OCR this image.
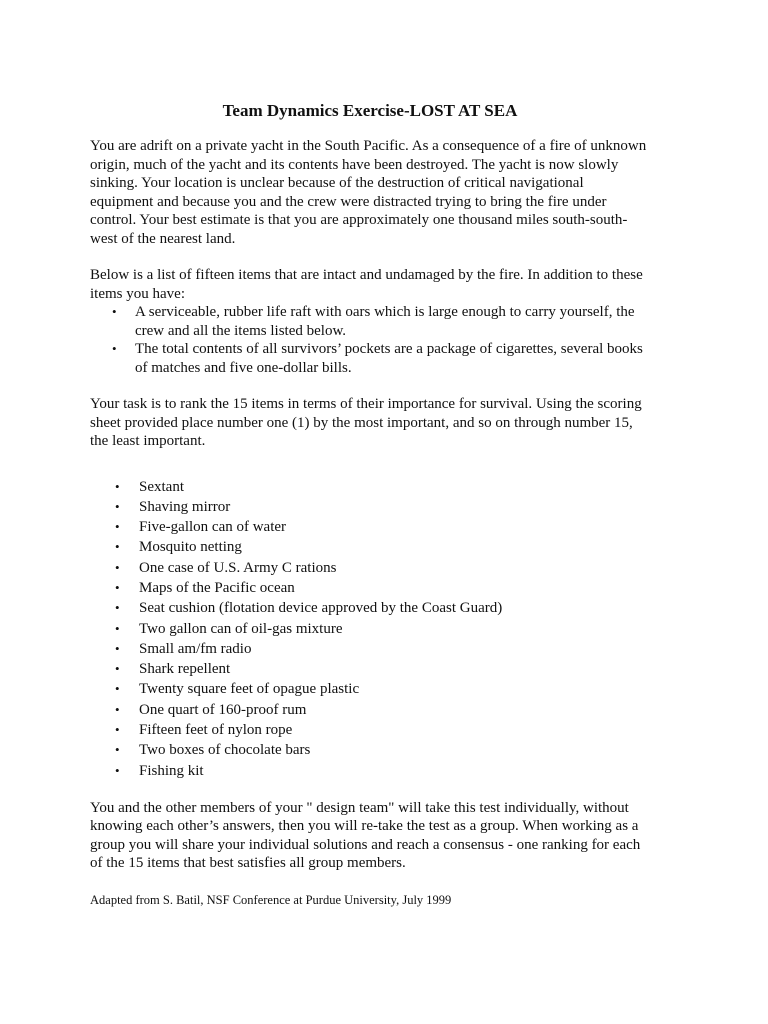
Team Dynamics Exercise-LOST AT SEA

You are adrift on a private yacht in the South Pacific. As a consequence of a fire of unknown origin, much of the yacht and its contents have been destroyed. The yacht is now slowly sinking. Your location is unclear because of the destruction of critical navigational equipment and because you and the crew were distracted trying to bring the fire under control. Your best estimate is that you are approximately one thousand miles south-south-west of the nearest land.

Below is a list of fifteen items that are intact and undamaged by the fire. In addition to these items you have:

• A serviceable, rubber life raft with oars which is large enough to carry yourself, the crew and all the items listed below.
• The total contents of all survivors’ pockets are a package of cigarettes, several books of matches and five one-dollar bills.

Your task is to rank the 15 items in terms of their importance for survival. Using the scoring sheet provided place number one (1) by the most important, and so on through number 15, the least important.

• Sextant
• Shaving mirror
• Five-gallon can of water
• Mosquito netting
• One case of U.S. Army C rations
• Maps of the Pacific ocean
• Seat cushion (flotation device approved by the Coast Guard)
• Two gallon can of oil-gas mixture
• Small am/fm radio
• Shark repellent
• Twenty square feet of opague plastic
• One quart of 160-proof rum
• Fifteen feet of nylon rope
• Two boxes of chocolate bars
• Fishing kit

You and the other members of your " design team" will take this test individually, without knowing each other’s answers, then you will re-take the test as a group. When working as a group you will share your individual solutions and reach a consensus - one ranking for each of the 15 items that best satisfies all group members.

Adapted from S. Batil, NSF Conference at Purdue University, July 1999
